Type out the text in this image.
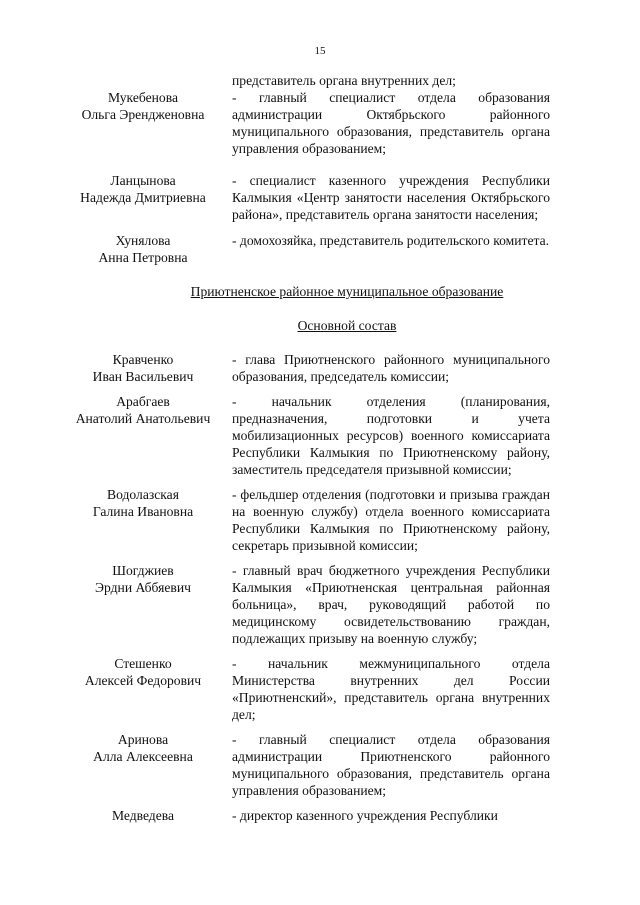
15
представитель органа внутренних дел;
Мукебенова
Ольга Эрендженовна
- главный специалист отдела образования администрации Октябрьского районного муниципального образования, представитель органа управления образованием;
Ланцынова
Надежда Дмитриевна
- специалист казенного учреждения Республики Калмыкия «Центр занятости населения Октябрьского района», представитель органа занятости населения;
Хунялова
Анна Петровна
- домохозяйка, представитель родительского комитета.
Приютненское районное муниципальное образование
Основной состав
Кравченко
Иван Васильевич
- глава Приютненского районного муниципального образования, председатель комиссии;
Арабгаев
Анатолий Анатольевич
- начальник отделения (планирования, предназначения, подготовки и учета мобилизационных ресурсов) военного комиссариата Республики Калмыкия по Приютненскому району, заместитель председателя призывной комиссии;
Водолазская
Галина Ивановна
- фельдшер отделения (подготовки и призыва граждан на военную службу) отдела военного комиссариата Республики Калмыкия по Приютненскому району, секретарь призывной комиссии;
Шогджиев
Эрдни Аббяевич
- главный врач бюджетного учреждения Республики Калмыкия «Приютненская центральная районная больница», врач, руководящий работой по медицинскому освидетельствованию граждан, подлежащих призыву на военную службу;
Стешенко
Алексей Федорович
- начальник межмуниципального отдела Министерства внутренних дел России «Приютненский», представитель органа внутренних дел;
Аринова
Алла Алексеевна
- главный специалист отдела образования администрации Приютненского районного муниципального образования, представитель органа управления образованием;
Медведева	- директор казенного учреждения Республики
